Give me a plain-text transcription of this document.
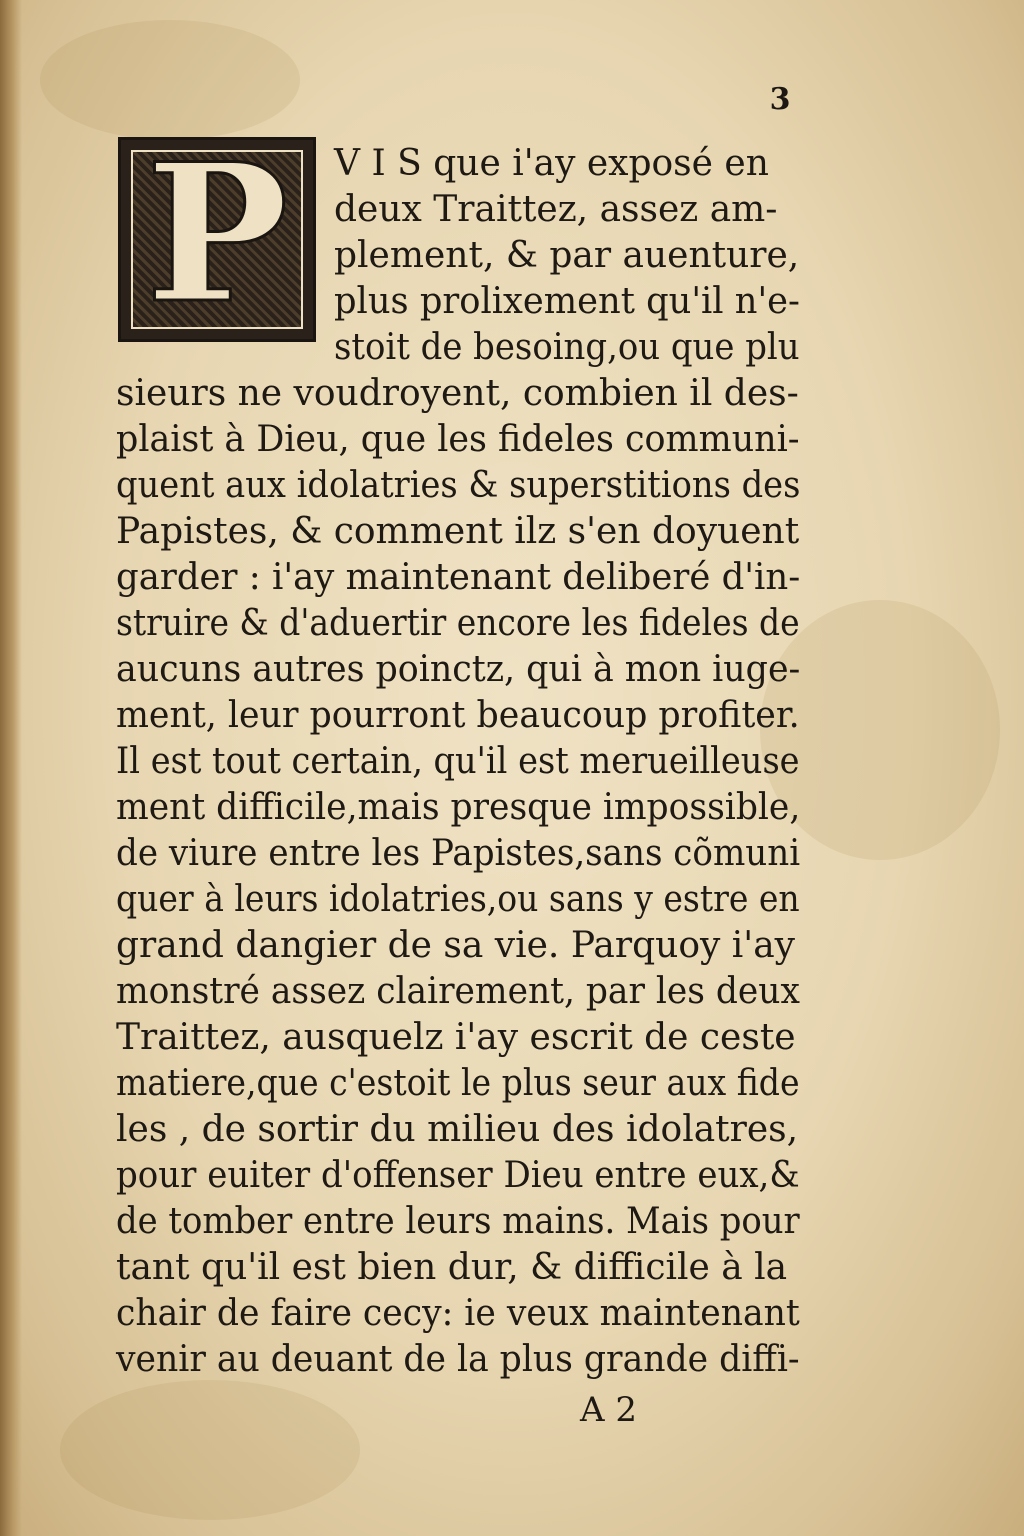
3
P	V I S que i'ay exposé en
deux Traittez, assez am-
plement, & par auenture,
plus prolixement qu'il n'e-
stoit de besoing,ou que plu
sieurs ne voudroyent, combien il des-
plaist à Dieu, que les fideles communi-
quent aux idolatries & superstitions des
Papistes, & comment ilz s'en doyuent
garder : i'ay maintenant deliberé d'in-
struire & d'aduertir encore les fideles de
aucuns autres poinctz, qui à mon iuge-
ment, leur pourront beaucoup profiter.
Il est tout certain, qu'il est merueilleuse
ment difficile,mais presque impossible,
de viure entre les Papistes,sans cõmuni
quer à leurs idolatries,ou sans y estre en
grand dangier de sa vie. Parquoy i'ay
monstré assez clairement, par les deux
Traittez, ausquelz i'ay escrit de ceste
matiere,que c'estoit le plus seur aux fide
les , de sortir du milieu des idolatres,
pour euiter d'offenser Dieu entre eux,&
de tomber entre leurs mains. Mais pour
tant qu'il est bien dur, & difficile à la
chair de faire cecy: ie veux maintenant
venir au deuant de la plus grande diffi-
A 2
